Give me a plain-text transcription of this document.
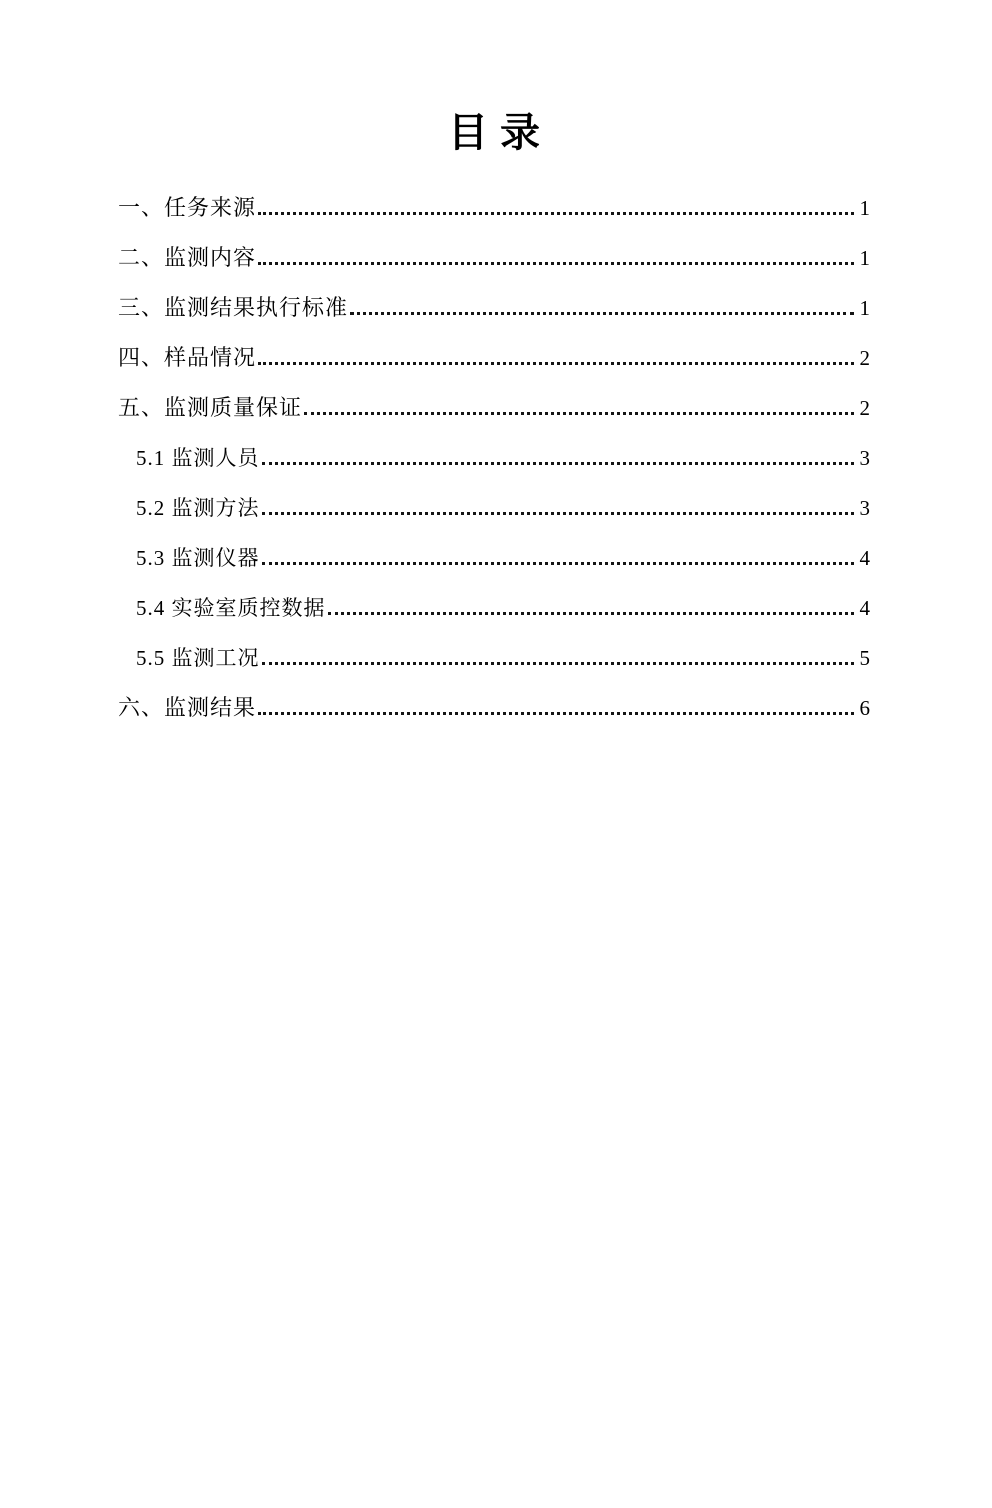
目录
一、任务来源	1
二、监测内容	1
三、监测结果执行标准	1
四、样品情况	2
五、监测质量保证	2
5.1 监测人员	3
5.2 监测方法	3
5.3 监测仪器	4
5.4 实验室质控数据	4
5.5 监测工况	5
六、监测结果	6
